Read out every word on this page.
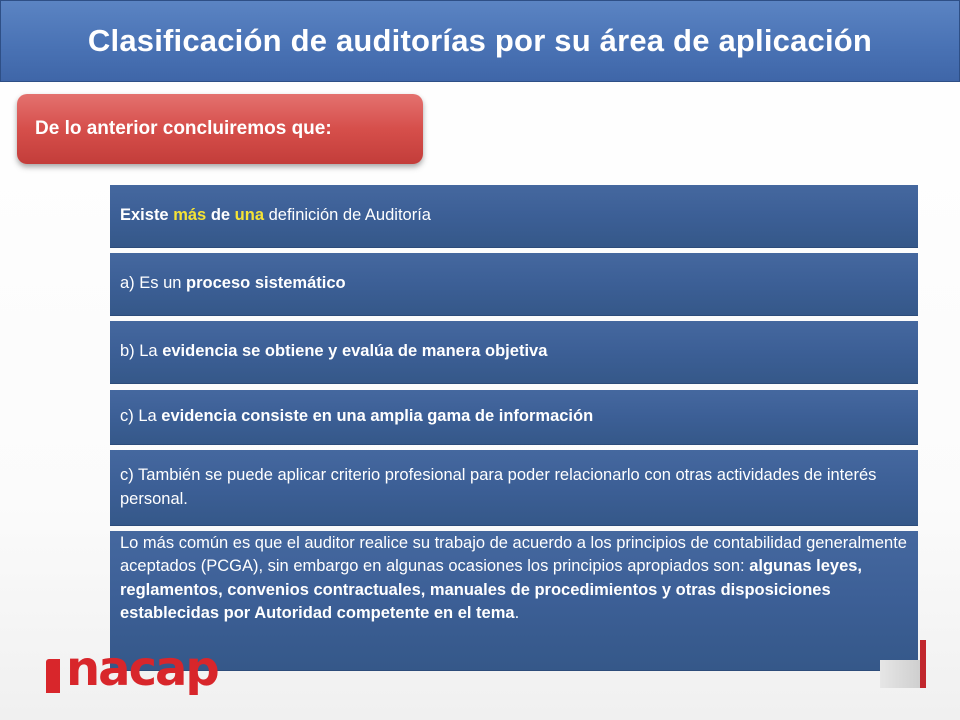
Clasificación de auditorías por su área de aplicación
De lo anterior concluiremos que:
Existe más de una definición de Auditoría
a) Es un proceso sistemático
b) La evidencia se obtiene y evalúa de manera objetiva
c) La evidencia consiste en una amplia gama de información
c) También se puede aplicar criterio profesional para poder relacionarlo con otras actividades de interés personal.
Lo más común es que el auditor realice su trabajo de acuerdo a los principios de contabilidad generalmente aceptados (PCGA), sin embargo en algunas ocasiones los principios apropiados son: algunas leyes, reglamentos, convenios contractuales, manuales de procedimientos y otras disposiciones establecidas por Autoridad competente en el tema.
nacap
